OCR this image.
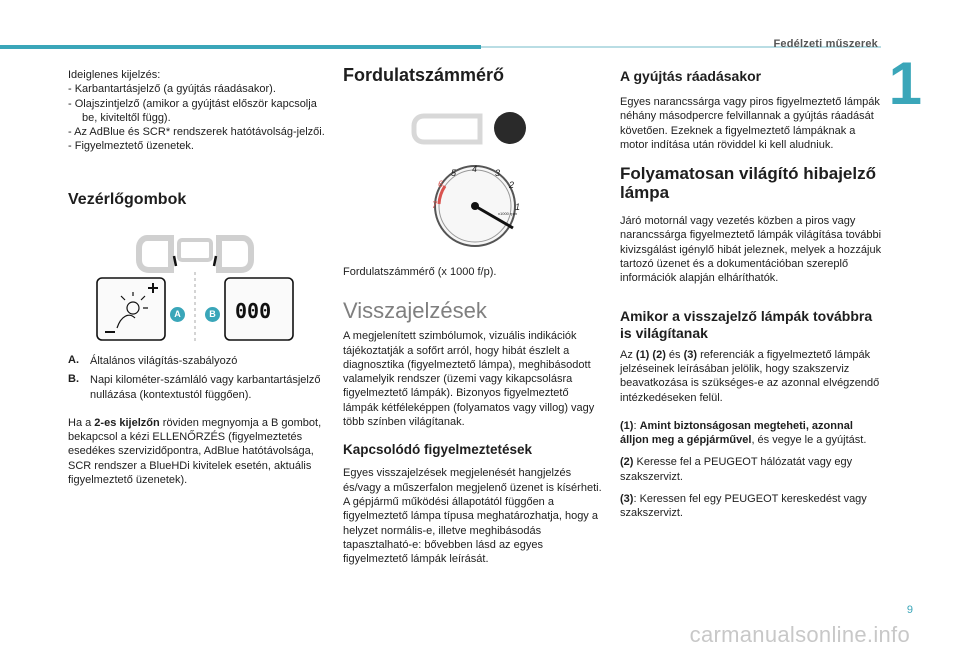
Fedélzeti műszerek
1
9
carmanualsonline.info

Ideiglenes kijelzés:

- Karbantartásjelző (a gyújtás ráadásakor).
- Olajszintjelző (amikor a gyújtást először kapcsolja be, kiviteltől függ).
- Az AdBlue és SCR* rendszerek hatótávolság-jelzői.
- Figyelmeztető üzenetek.
Vezérlőgombok
A	B 000
A.	Általános világítás-szabályozó
B.	Napi kilométer-számláló vagy karbantartásjelző nullázása (kontextustól függően).

Ha a 2-es kijelzőn röviden megnyomja a B gombot, bekapcsol a kézi ELLENŐRZÉS (figyelmeztetés esedékes szervizidőpontra, AdBlue hatótávolsága, SCR rendszer a BlueHDi kivitelek esetén, aktuális figyelmeztető üzenetek).

Fordulatszámmérő
1
2
3
4
5
6
7
x1000 rpm

Fordulatszámmérő (x 1000 f/p).

Visszajelzések

A megjelenített szimbólumok, vizuális indikációk tájékoztatják a sofőrt arról, hogy hibát észlelt a diagnosztika (figyelmeztető lámpa), meghibásodott valamelyik rendszer (üzemi vagy kikapcsolásra figyelmeztető lámpák). Bizonyos figyelmeztető lámpák kétféleképpen (folyamatos vagy villog) vagy több színben világítanak.

Kapcsolódó figyelmeztetések

Egyes visszajelzések megjelenését hangjelzés és/vagy a műszerfalon megjelenő üzenet is kísérheti. A gépjármű működési állapotától függően a figyelmeztető lámpa típusa meghatározhatja, hogy a helyzet normális-e, illetve meghibásodás tapasztalható-e: bővebben lásd az egyes figyelmeztető lámpák leírását.

A gyújtás ráadásakor

Egyes narancssárga vagy piros figyelmeztető lámpák néhány másodpercre felvillannak a gyújtás ráadását követően. Ezeknek a figyelmeztető lámpáknak a motor indítása után röviddel ki kell aludniuk.

Folyamatosan világító hibajelző lámpa

Járó motornál vagy vezetés közben a piros vagy narancssárga figyelmeztető lámpák világítása további kivizsgálást igénylő hibát jeleznek, melyek a hozzájuk tartozó üzenet és a dokumentációban szereplő információk alapján elháríthatók.

Amikor a visszajelző lámpák továbbra is világítanak

Az (1) (2) és (3) referenciák a figyelmeztető lámpák jelzéseinek leírásában jelölik, hogy szakszerviz beavatkozása is szükséges-e az azonnal elvégzendő intézkedéseken felül.

(1): Amint biztonságosan megteheti, azonnal álljon meg a gépjárművel, és vegye le a gyújtást.

(2) Keresse fel a PEUGEOT hálózatát vagy egy szakszervizt.

(3): Keressen fel egy PEUGEOT kereskedést vagy szakszervizt.
